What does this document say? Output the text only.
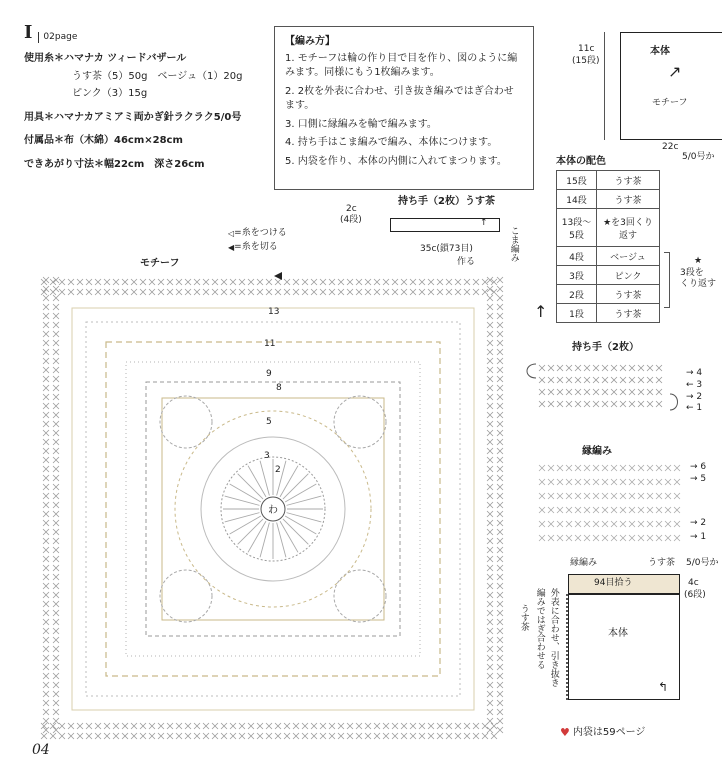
I	02page
使用糸＊ハマナカ ツィードバザール
うす茶（5）50g　ベージュ（1）20g
ピンク（3）15g
用具＊ハマナカアミアミ両かぎ針ラクラク5/0号
付属品＊布（木綿）46cm×28cm
できあがり寸法＊幅22cm　深さ26cm

【編み方】

1. モチーフは輪の作り目で目を作り、図のように編みます。同様にもう1枚編みます。

2. 2枚を外表に合わせ、引き抜き編みではぎ合わせます。

3. 口側に縁編みを輪で編みます。

4. 持ち手はこま編みで編み、本体につけます。

5. 内袋を作り、本体の内側に入れてまつります。

持ち手（2枚）うす茶
2c
(4段)	↑
35c(鎖73目)
作る	こま編み
◁ =糸をつける
◀ =糸を切る
モチーフ
わ
13
11
9
8
5
3
2
本体
↗
モチーフ
11c
(15段)
22c
5/0号か
本体の配色
15段	うす茶
14段	うす茶
13段〜5段	★を3回くり返す
4段	ベージュ
3段	ピンク
2段	うす茶
1段	うす茶
★
3段を
くり返す
↑
持ち手（2枚）
→ 4
← 3
→ 2
← 1
縁編み
→ 6
→ 5
→ 2
→ 1
縁編み	うす茶 5/0号か
94目拾う	4c
(6段)
本体
↰
外表に合わせ、引き抜き
編みではぎ合わせる
うす茶
04
♥ 内袋は59ページ
